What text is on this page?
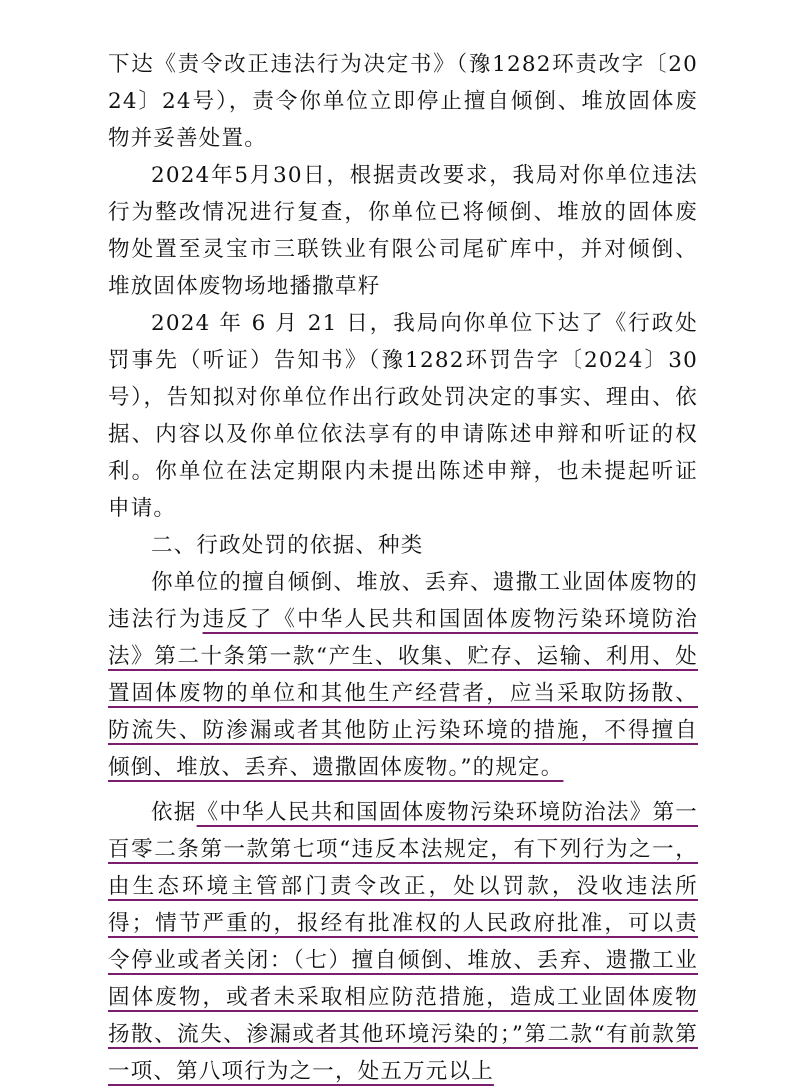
下达《责令改正违法行为决定书》（豫1282环责改字〔2024〕24号），责令你单位立即停止擅自倾倒、堆放固体废物并妥善处置。

2024年5月30日，根据责改要求，我局对你单位违法行为整改情况进行复查，你单位已将倾倒、堆放的固体废物处置至灵宝市三联铁业有限公司尾矿库中，并对倾倒、堆放固体废物场地播撒草籽

2024 年 6 月 21 日，我局向你单位下达了《行政处罚事先（听证）告知书》（豫1282环罚告字〔2024〕30号），告知拟对你单位作出行政处罚决定的事实、理由、依据、内容以及你单位依法享有的申请陈述申辩和听证的权利。你单位在法定期限内未提出陈述申辩，也未提起听证申请。

二、行政处罚的依据、种类

你单位的擅自倾倒、堆放、丢弃、遗撒工业固体废物的违法行为违反了《中华人民共和国固体废物污染环境防治法》第二十条第一款“产生、收集、贮存、运输、利用、处置固体废物的单位和其他生产经营者，应当采取防扬散、防流失、防渗漏或者其他防止污染环境的措施，不得擅自倾倒、堆放、丢弃、遗撒固体废物。”的规定。

依据《中华人民共和国固体废物污染环境防治法》第一百零二条第一款第七项“违反本法规定，有下列行为之一，由生态环境主管部门责令改正，处以罚款，没收违法所得；情节严重的，报经有批准权的人民政府批准，可以责令停业或者关闭：（七）擅自倾倒、堆放、丢弃、遗撒工业固体废物，或者未采取相应防范措施，造成工业固体废物扬散、流失、渗漏或者其他环境污染的；”第二款“有前款第一项、第八项行为之一，处五万元以上
